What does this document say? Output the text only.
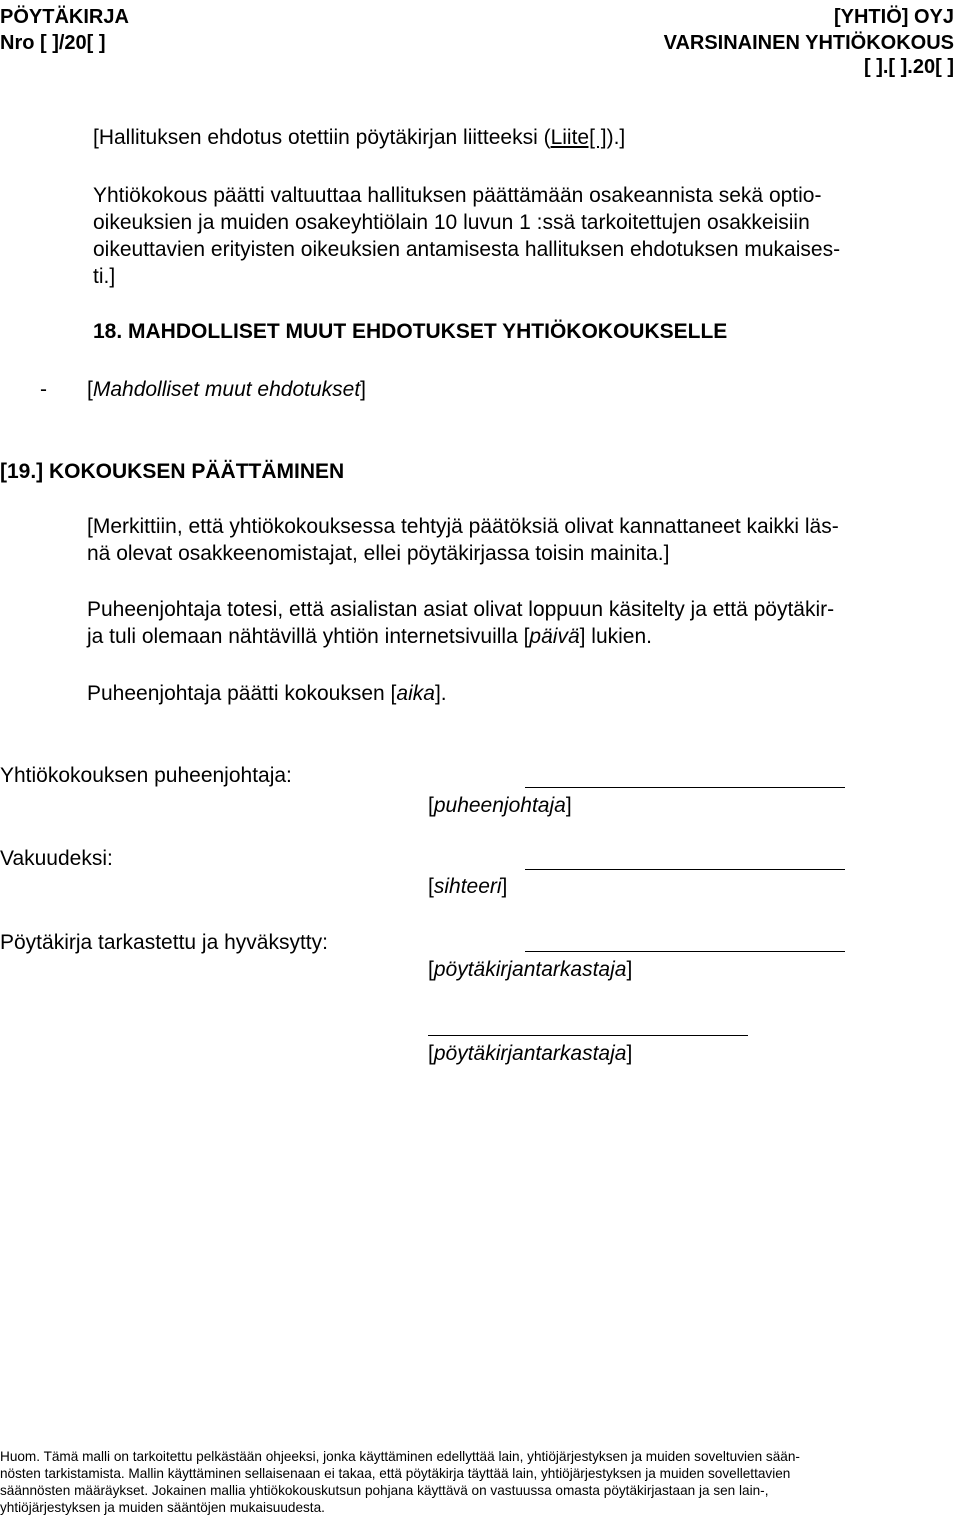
PÖYTÄKIRJA
Nro [ ]/20[ ]
[YHTIÖ] OYJ
VARSINAINEN YHTIÖKOKOUS
[ ].[ ].20[ ]
[Hallituksen ehdotus otettiin pöytäkirjan liitteeksi (Liite[ ]).]
Yhtiökokous päätti valtuuttaa hallituksen päättämään osakeannista sekä optio-
oikeuksien ja muiden osakeyhtiölain 10 luvun 1 :ssä tarkoitettujen osakkeisiin
oikeuttavien erityisten oikeuksien antamisesta hallituksen ehdotuksen mukaises-
ti.]
18. MAHDOLLISET MUUT EHDOTUKSET YHTIÖKOKOUKSELLE
- [Mahdolliset muut ehdotukset]
[19.] KOKOUKSEN PÄÄTTÄMINEN
[Merkittiin, että yhtiökokouksessa tehtyjä päätöksiä olivat kannattaneet kaikki läs-
nä olevat osakkeenomistajat, ellei pöytäkirjassa toisin mainita.]
Puheenjohtaja totesi, että asialistan asiat olivat loppuun käsitelty ja että pöytäkir-
ja tuli olemaan nähtävillä yhtiön internetsivuilla [päivä] lukien.
Puheenjohtaja päätti kokouksen [aika].
Yhtiökokouksen puheenjohtaja:
[puheenjohtaja]
Vakuudeksi:
[sihteeri]
Pöytäkirja tarkastettu ja hyväksytty:
[pöytäkirjantarkastaja]
[pöytäkirjantarkastaja]
Huom. Tämä malli on tarkoitettu pelkästään ohjeeksi, jonka käyttäminen edellyttää lain, yhtiöjärjestyksen ja muiden soveltuvien sään-
nösten tarkistamista. Mallin käyttäminen sellaisenaan ei takaa, että pöytäkirja täyttää lain, yhtiöjärjestyksen ja muiden sovellettavien
säännösten määräykset. Jokainen mallia yhtiökokouskutsun pohjana käyttävä on vastuussa omasta pöytäkirjastaan ja sen lain-,
yhtiöjärjestyksen ja muiden sääntöjen mukaisuudesta.
